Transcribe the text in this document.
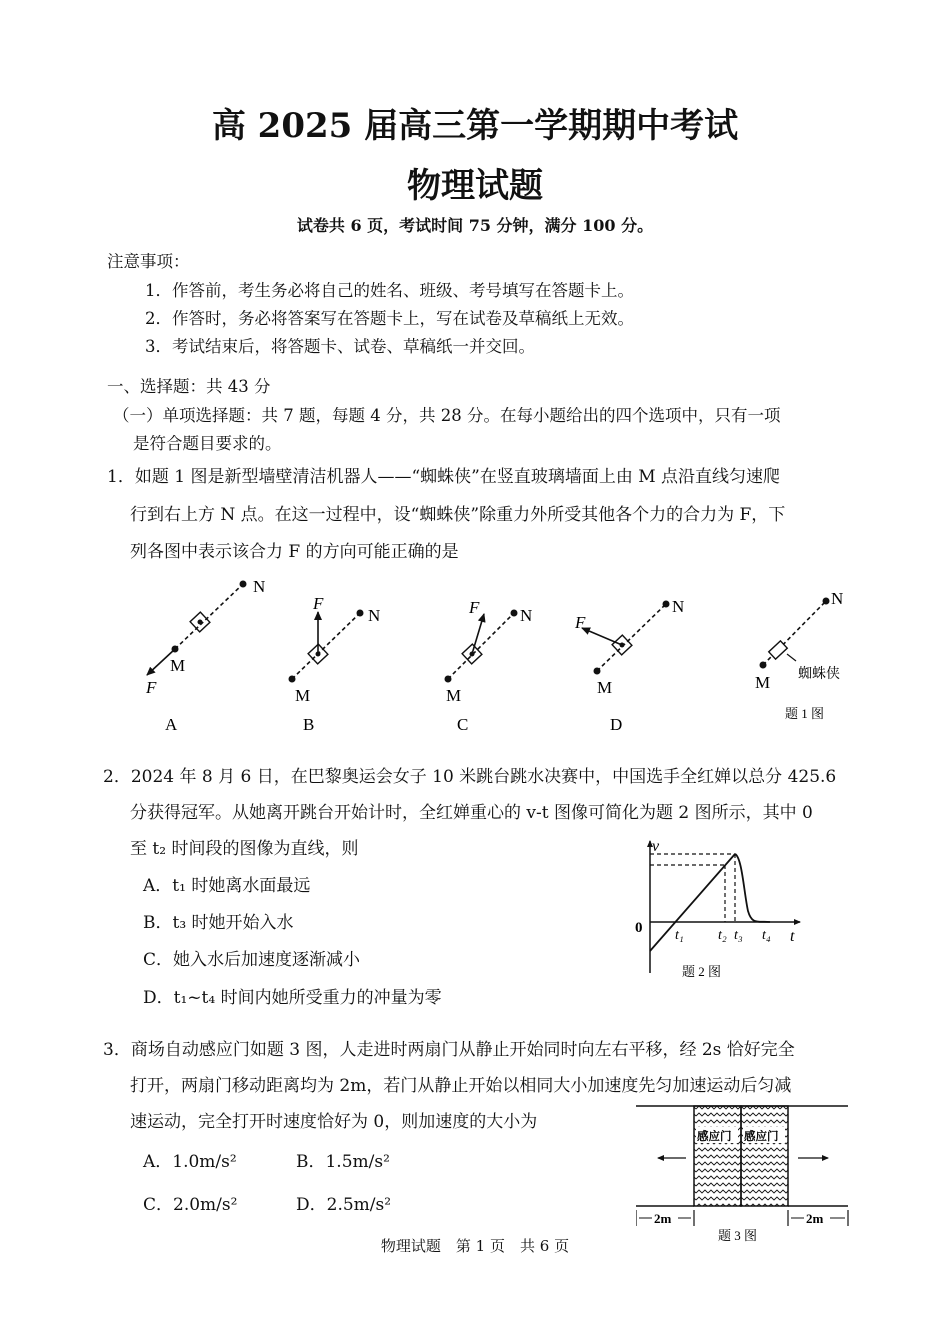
高 2025 届高三第一学期期中考试
物理试题
试卷共 6 页，考试时间 75 分钟，满分 100 分。
注意事项：
1．作答前，考生务必将自己的姓名、班级、考号填写在答题卡上。
2．作答时，务必将答案写在答题卡上，写在试卷及草稿纸上无效。
3．考试结束后，将答题卡、试卷、草稿纸一并交回。
一、选择题：共 43 分
（一）单项选择题：共 7 题，每题 4 分，共 28 分。在每小题给出的四个选项中，只有一项
是符合题目要求的。
1．如题 1 图是新型墙壁清洁机器人——“蜘蛛侠”在竖直玻璃墙面上由 M 点沿直线匀速爬
行到右上方 N 点。在这一过程中，设“蜘蛛侠”除重力外所受其他各个力的合力为 F，下
列各图中表示该合力 F 的方向可能正确的是
N
M
F
A
N
M
F
B
N
M
F
C
N
M
F
D
N
M 蜘蛛侠
题 1 图
2．2024 年 8 月 6 日，在巴黎奥运会女子 10 米跳台跳水决赛中，中国选手全红婵以总分 425.6
分获得冠军。从她离开跳台开始计时，全红婵重心的 v-t 图像可简化为题 2 图所示，其中 0
至 t₂ 时间段的图像为直线，则
A．t₁ 时她离水面最远
B．t₃ 时她开始入水
C．她入水后加速度逐渐减小
D．t₁~t₄ 时间内她所受重力的冲量为零
v
t
0 t₁ t₂ t₃ t₄
题 2 图
3．商场自动感应门如题 3 图，人走进时两扇门从静止开始同时向左右平移，经 2s 恰好完全
打开，两扇门移动距离均为 2m，若门从静止开始以相同大小加速度先匀加速运动后匀减
速运动，完全打开时速度恰好为 0，则加速度的大小为
A．1.0m/s²	B．1.5m/s²
C．2.0m/s²	D．2.5m/s²
感应门 感应门
2m	2m
题 3 图
物理试题　第 1 页　共 6 页
